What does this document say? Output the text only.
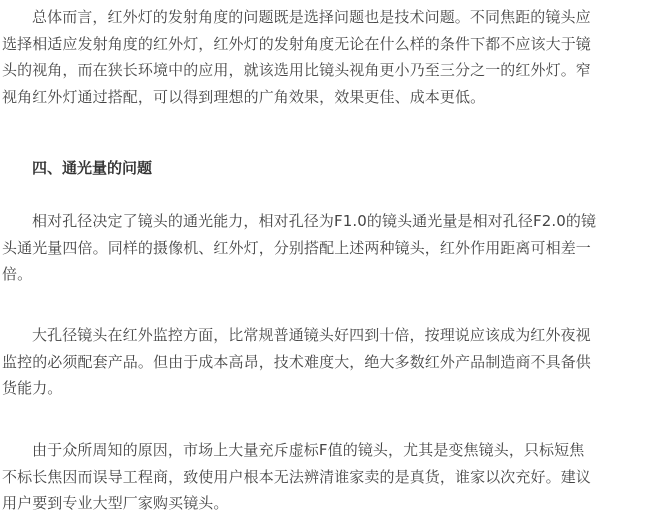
总体而言，红外灯的发射角度的问题既是选择问题也是技术问题。不同焦距的镜头应
选择相适应发射角度的红外灯，红外灯的发射角度无论在什么样的条件下都不应该大于镜
头的视角，而在狭长环境中的应用，就该选用比镜头视角更小乃至三分之一的红外灯。窄
视角红外灯通过搭配，可以得到理想的广角效果，效果更佳、成本更低。

四、通光量的问题

相对孔径决定了镜头的通光能力，相对孔径为F1.0的镜头通光量是相对孔径F2.0的镜
头通光量四倍。同样的摄像机、红外灯，分别搭配上述两种镜头，红外作用距离可相差一
倍。

大孔径镜头在红外监控方面，比常规普通镜头好四到十倍，按理说应该成为红外夜视
监控的必须配套产品。但由于成本高昂，技术难度大，绝大多数红外产品制造商不具备供
货能力。

由于众所周知的原因，市场上大量充斥虚标F值的镜头，尤其是变焦镜头，只标短焦
不标长焦因而误导工程商，致使用户根本无法辨清谁家卖的是真货，谁家以次充好。建议
用户要到专业大型厂家购买镜头。
